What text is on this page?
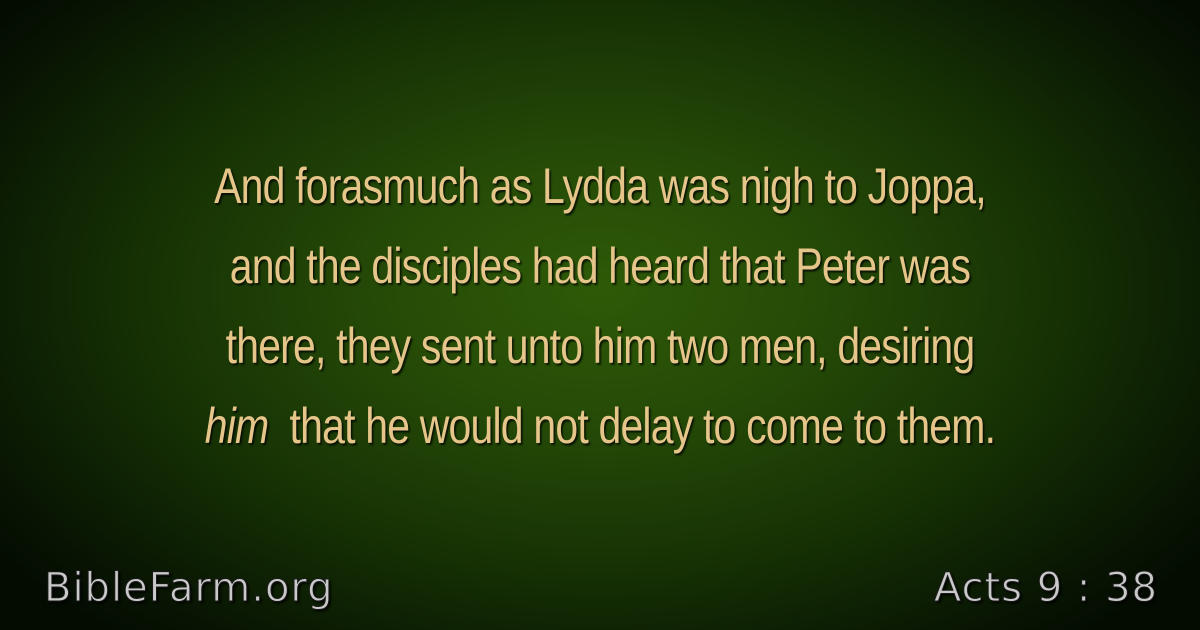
And forasmuch as Lydda was nigh to Joppa,
and the disciples had heard that Peter was
there, they sent unto him two men, desiring
him that he would not delay to come to them.
BibleFarm.org	Acts 9 : 38
